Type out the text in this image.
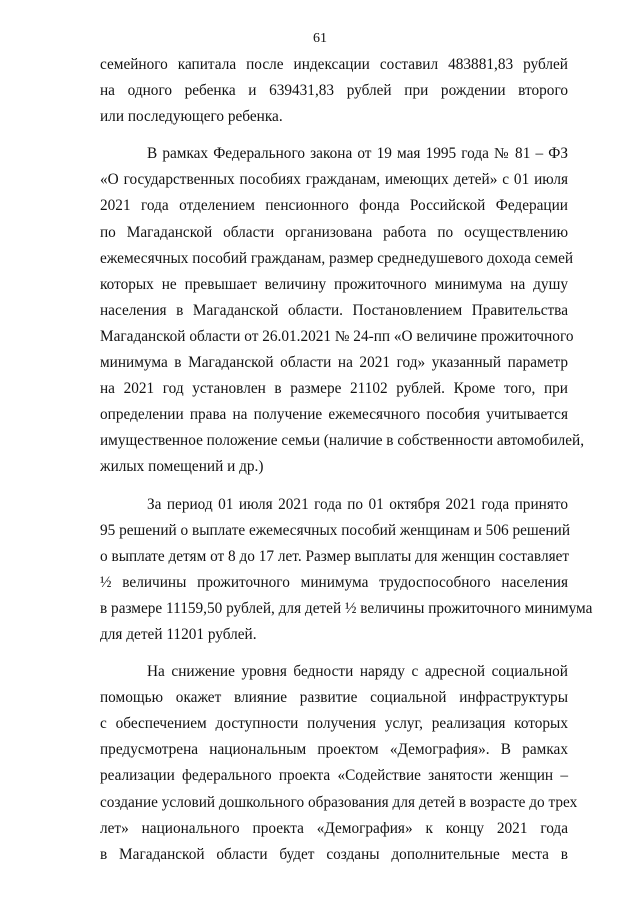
61
семейного капитала после индексации составил 483881,83 рублей
на одного ребенка и 639431,83 рублей при рождении второго
или последующего ребенка.
В рамках Федерального закона от 19 мая 1995 года № 81 – ФЗ
«О государственных пособиях гражданам, имеющих детей» с 01 июля
2021 года отделением пенсионного фонда Российской Федерации
по Магаданской области организована работа по осуществлению
ежемесячных пособий гражданам, размер среднедушевого дохода семей
которых не превышает величину прожиточного минимума на душу
населения в Магаданской области. Постановлением Правительства
Магаданской области от 26.01.2021 № 24-пп «О величине прожиточного
минимума в Магаданской области на 2021 год» указанный параметр
на 2021 год установлен в размере 21102 рублей. Кроме того, при
определении права на получение ежемесячного пособия учитывается
имущественное положение семьи (наличие в собственности автомобилей,
жилых помещений и др.)
За период 01 июля 2021 года по 01 октября 2021 года принято
95 решений о выплате ежемесячных пособий женщинам и 506 решений
о выплате детям от 8 до 17 лет. Размер выплаты для женщин составляет
½ величины прожиточного минимума трудоспособного населения
в размере 11159,50 рублей, для детей ½ величины прожиточного минимума
для детей 11201 рублей.
На снижение уровня бедности наряду с адресной социальной
помощью окажет влияние развитие социальной инфраструктуры
с обеспечением доступности получения услуг, реализация которых
предусмотрена национальным проектом «Демография». В рамках
реализации федерального проекта «Содействие занятости женщин –
создание условий дошкольного образования для детей в возрасте до трех
лет» национального проекта «Демография» к концу 2021 года
в Магаданской области будет созданы дополнительные места в
